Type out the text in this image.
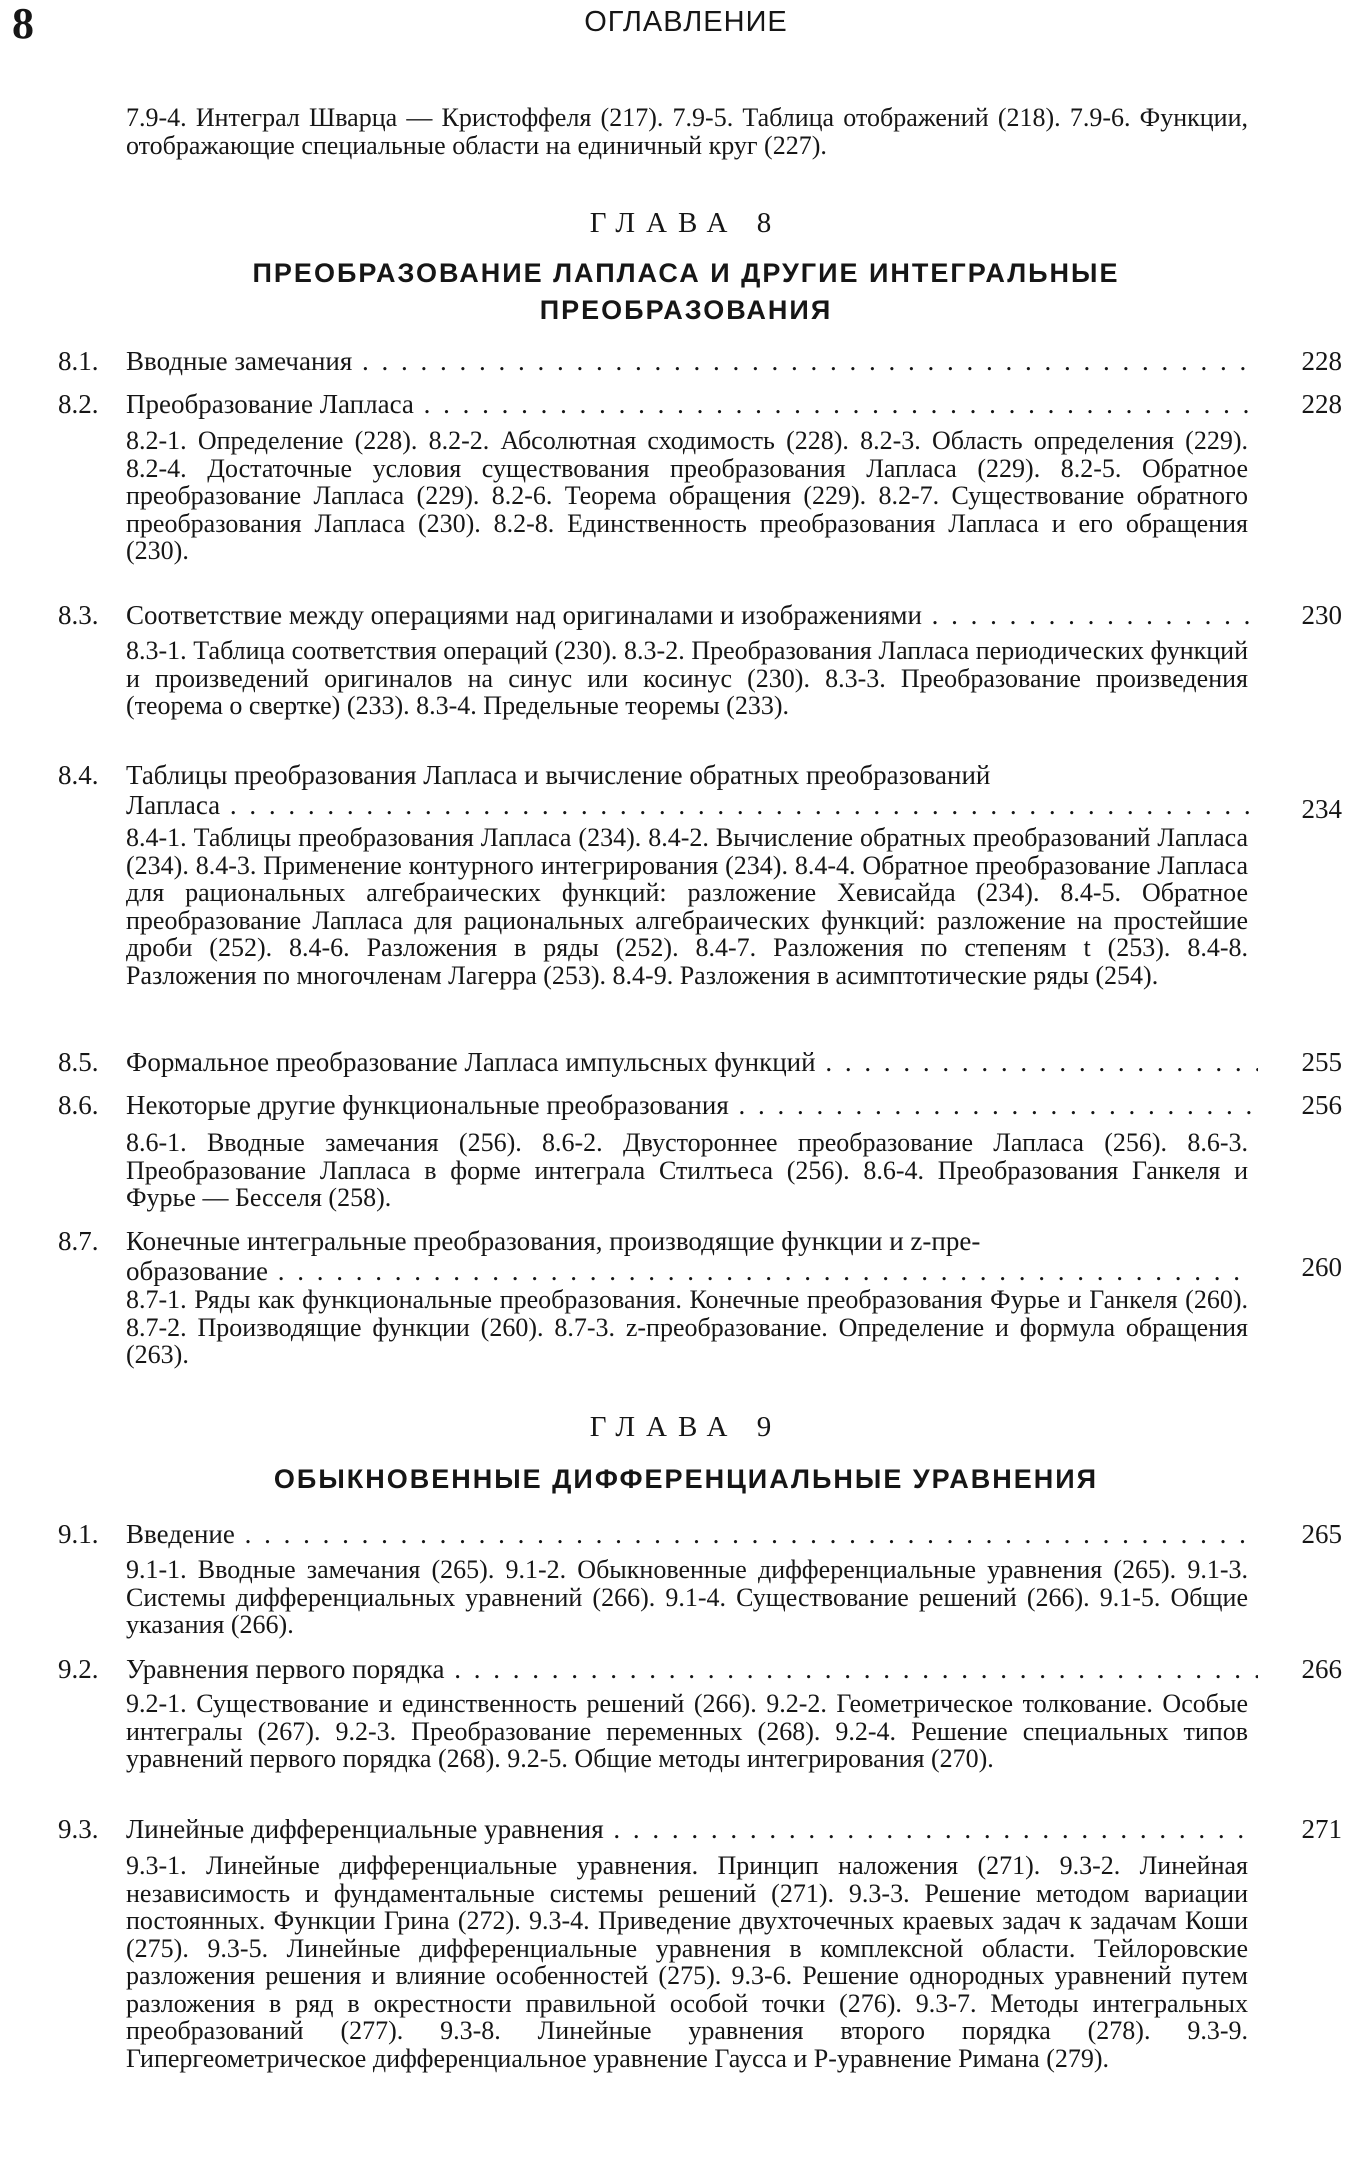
8	ОГЛАВЛЕНИЕ
7.9-4. Интеграл Шварца — Кристоффеля (217). 7.9-5. Таблица отображений (218). 7.9-6. Функции, отображающие специальные области на единичный круг (227).
ГЛАВА 8
ПРЕОБРАЗОВАНИЕ ЛАПЛАСА И ДРУГИЕ ИНТЕГРАЛЬНЫЕ ПРЕОБРАЗОВАНИЯ
8.1. Вводные замечания . . .	228
8.2. Преобразование Лапласа . . .	228
8.2-1. Определение (228). 8.2-2. Абсолютная сходимость (228). 8.2-3. Область определения (229). 8.2-4. Достаточные условия существования преобразования Лапласа (229). 8.2-5. Обратное преобразование Лапласа (229). 8.2-6. Теорема обращения (229). 8.2-7. Существование обратного преобразования Лапласа (230). 8.2-8. Единственность преобразования Лапласа и его обращения (230).
8.3. Соответствие между операциями над оригиналами и изображениями . . .	230
8.3-1. Таблица соответствия операций (230). 8.3-2. Преобразования Лапласа периодических функций и произведений оригиналов на синус или косинус (230). 8.3-3. Преобразование произведения (теорема о свертке) (233). 8.3-4. Предельные теоремы (233).
8.4. Таблицы преобразования Лапласа и вычисление обратных преобразований
Лапласа . . .	234
8.4-1. Таблицы преобразования Лапласа (234). 8.4-2. Вычисление обратных преобразований Лапласа (234). 8.4-3. Применение контурного интегрирования (234). 8.4-4. Обратное преобразование Лапласа для рациональных алгебраических функций: разложение Хевисайда (234). 8.4-5. Обратное преобразование Лапласа для рациональных алгебраических функций: разложение на простейшие дроби (252). 8.4-6. Разложения в ряды (252). 8.4-7. Разложения по степеням t (253). 8.4-8. Разложения по многочленам Лагерра (253). 8.4-9. Разложения в асимптотические ряды (254).
8.5. Формальное преобразование Лапласа импульсных функций . . .	255
8.6. Некоторые другие функциональные преобразования . . .	256
8.6-1. Вводные замечания (256). 8.6-2. Двустороннее преобразование Лапласа (256). 8.6-3. Преобразование Лапласа в форме интеграла Стилтьеса (256). 8.6-4. Преобразования Ганкеля и Фурье — Бесселя (258).
8.7. Конечные интегральные преобразования, производящие функции и z-пре-
образование . . .	260
8.7-1. Ряды как функциональные преобразования. Конечные преобразования Фурье и Ганкеля (260). 8.7-2. Производящие функции (260). 8.7-3. z-преобразование. Определение и формула обращения (263).
ГЛАВА 9
ОБЫКНОВЕННЫЕ ДИФФЕРЕНЦИАЛЬНЫЕ УРАВНЕНИЯ
9.1. Введение . . .	265
9.1-1. Вводные замечания (265). 9.1-2. Обыкновенные дифференциальные уравнения (265). 9.1-3. Системы дифференциальных уравнений (266). 9.1-4. Существование решений (266). 9.1-5. Общие указания (266).
9.2. Уравнения первого порядка . . .	266
9.2-1. Существование и единственность решений (266). 9.2-2. Геометрическое толкование. Особые интегралы (267). 9.2-3. Преобразование переменных (268). 9.2-4. Решение специальных типов уравнений первого порядка (268). 9.2-5. Общие методы интегрирования (270).
9.3. Линейные дифференциальные уравнения . . .	271
9.3-1. Линейные дифференциальные уравнения. Принцип наложения (271). 9.3-2. Линейная независимость и фундаментальные системы решений (271). 9.3-3. Решение методом вариации постоянных. Функции Грина (272). 9.3-4. Приведение двухточечных краевых задач к задачам Коши (275). 9.3-5. Линейные дифференциальные уравнения в комплексной области. Тейлоровские разложения решения и влияние особенностей (275). 9.3-6. Решение однородных уравнений путем разложения в ряд в окрестности правильной особой точки (276). 9.3-7. Методы интегральных преобразований (277). 9.3-8. Линейные уравнения второго порядка (278). 9.3-9. Гипергеометрическое дифференциальное уравнение Гаусса и P-уравнение Римана (279).
